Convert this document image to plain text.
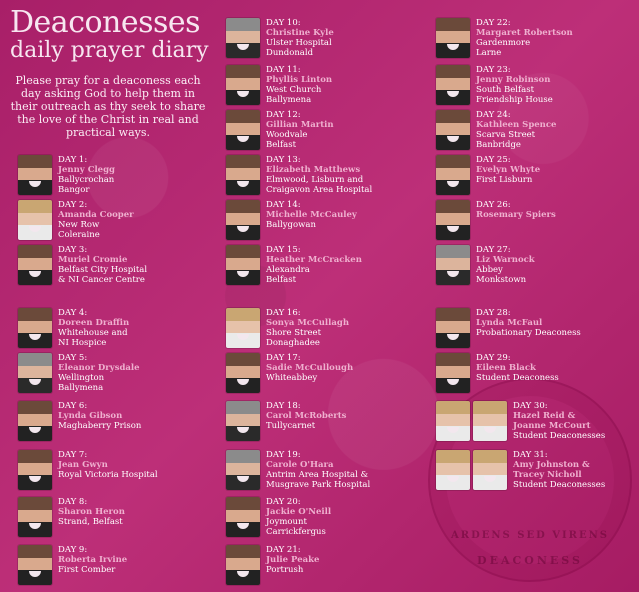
Deaconesses
daily prayer diary
Please pray for a deaconess each day asking God to help them in their outreach as thy seek to share the love of the Christ in real and practical ways.
ARDENS SED VIRENS
DEACONESS
DAY 1:
Jenny Clegg
Ballycrochan
Bangor
DAY 2:
Amanda Cooper
New Row
Coleraine
DAY 3:
Muriel Cromie
Belfast City Hospital
& NI Cancer Centre
DAY 4:
Doreen Draffin
Whitehouse and
NI Hospice
DAY 5:
Eleanor Drysdale
Wellington
Ballymena
DAY 6:
Lynda Gibson
Maghaberry Prison
DAY 7:
Jean Gwyn
Royal Victoria Hospital
DAY 8:
Sharon Heron
Strand, Belfast
DAY 9:
Roberta Irvine
First Comber
DAY 10:
Christine Kyle
Ulster Hospital
Dundonald
DAY 11:
Phyllis Linton
West Church
Ballymena
DAY 12:
Gillian Martin
Woodvale
Belfast
DAY 13:
Elizabeth Matthews
Elmwood, Lisburn and
Craigavon Area Hospital
DAY 14:
Michelle McCauley
Ballygowan
DAY 15:
Heather McCracken
Alexandra
Belfast
DAY 16:
Sonya McCullagh
Shore Street
Donaghadee
DAY 17:
Sadie McCullough
Whiteabbey
DAY 18:
Carol McRoberts
Tullycarnet
DAY 19:
Carole O'Hara
Antrim Area Hospital &
Musgrave Park Hospital
DAY 20:
Jackie O'Neill
Joymount
Carrickfergus
DAY 21:
Julie Peake
Portrush
DAY 22:
Margaret Robertson
Gardenmore
Larne
DAY 23:
Jenny Robinson
South Belfast
Friendship House
DAY 24:
Kathleen Spence
Scarva Street
Banbridge
DAY 25:
Evelyn Whyte
First Lisburn
DAY 26:
Rosemary Spiers
DAY 27:
Liz Warnock
Abbey
Monkstown
DAY 28:
Lynda McFaul
Probationary Deaconess
DAY 29:
Eileen Black
Student Deaconess
DAY 30:
Hazel Reid & Joanne McCourt
Student Deaconesses
DAY 31:
Amy Johnston & Tracey Nicholl
Student Deaconesses
